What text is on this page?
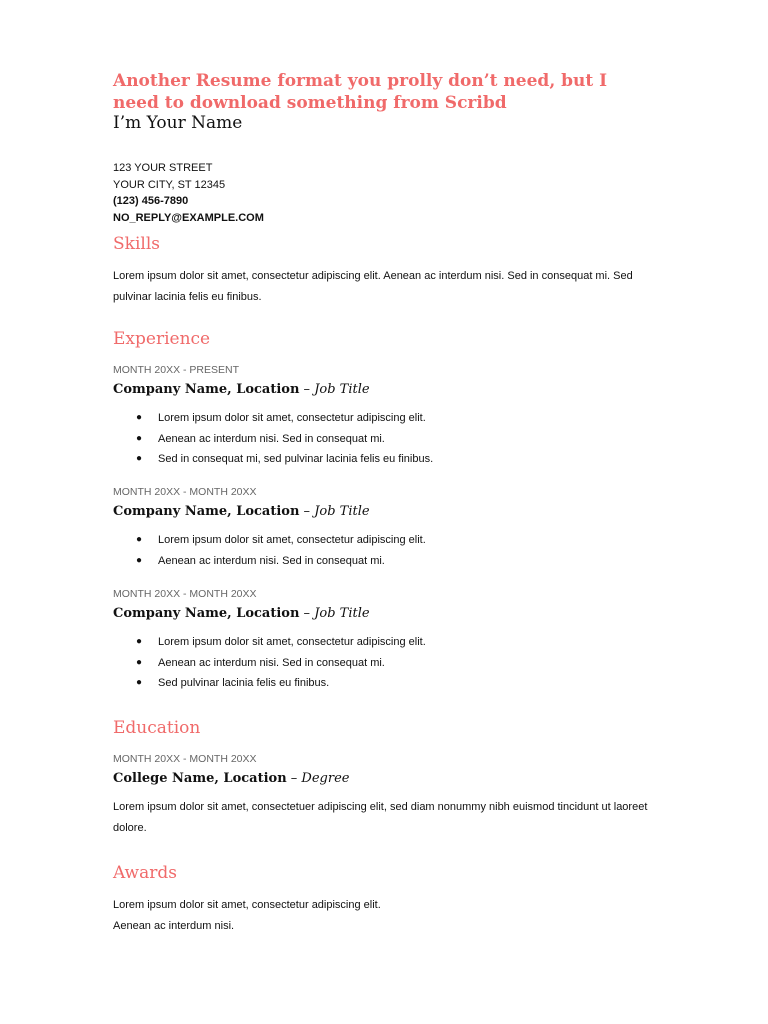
Another Resume format you prolly don’t need, but I need to download something from Scribd
I’m Your Name
123 YOUR STREET
YOUR CITY, ST 12345
(123) 456-7890
NO_REPLY@EXAMPLE.COM
Skills

Lorem ipsum dolor sit amet, consectetur adipiscing elit. Aenean ac interdum nisi. Sed in consequat mi. Sed pulvinar lacinia felis eu finibus.

Experience

MONTH 20XX - PRESENT

Company Name, Location – Job Title

● Lorem ipsum dolor sit amet, consectetur adipiscing elit.
● Aenean ac interdum nisi. Sed in consequat mi.
● Sed in consequat mi, sed pulvinar lacinia felis eu finibus.

MONTH 20XX - MONTH 20XX

Company Name, Location – Job Title

● Lorem ipsum dolor sit amet, consectetur adipiscing elit.
● Aenean ac interdum nisi. Sed in consequat mi.

MONTH 20XX - MONTH 20XX

Company Name, Location – Job Title

● Lorem ipsum dolor sit amet, consectetur adipiscing elit.
● Aenean ac interdum nisi. Sed in consequat mi.
● Sed pulvinar lacinia felis eu finibus.
Education

MONTH 20XX - MONTH 20XX

College Name, Location – Degree

Lorem ipsum dolor sit amet, consectetuer adipiscing elit, sed diam nonummy nibh euismod tincidunt ut laoreet dolore.

Awards

Lorem ipsum dolor sit amet, consectetur adipiscing elit.

Aenean ac interdum nisi.
